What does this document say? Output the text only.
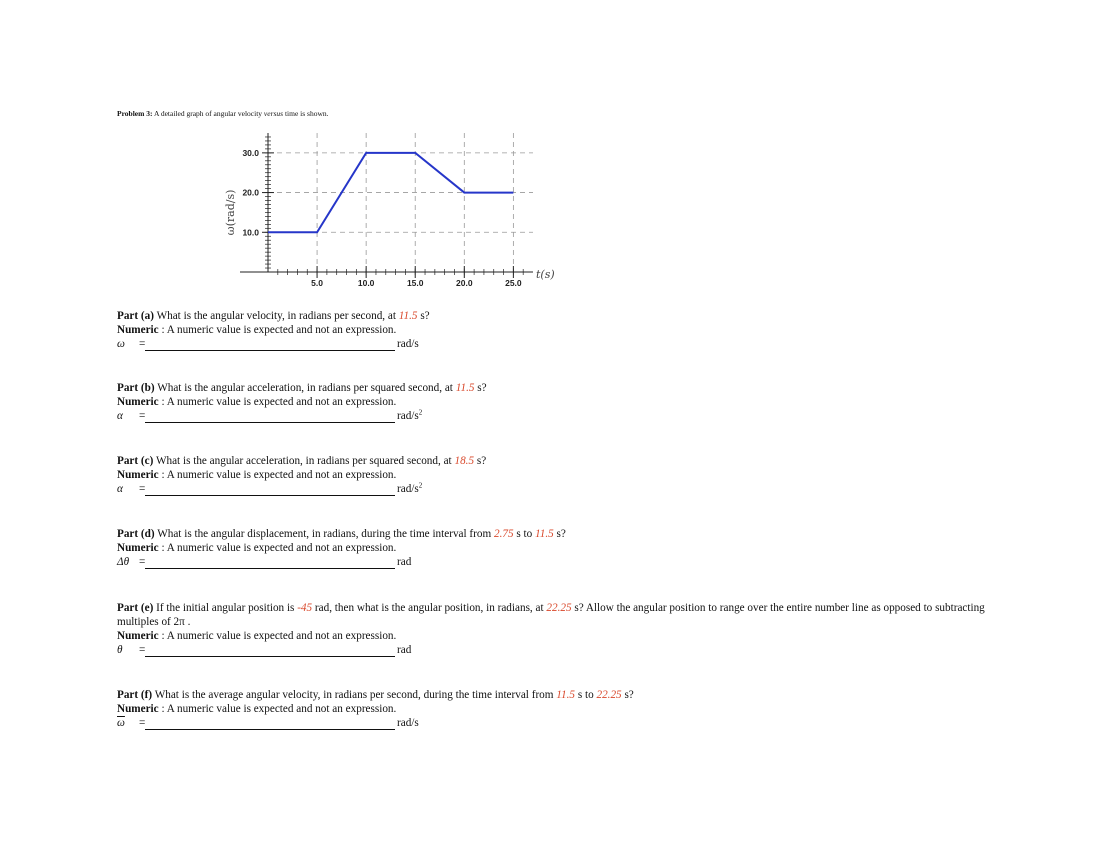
Problem 3: A detailed graph of angular velocity versus time is shown.
5.0	10.0	15.0	20.0	25.0
10.0
20.0
30.0
t(s)
ω(rad/s)
Part (a) What is the angular velocity, in radians per second, at 11.5 s?
Numeric : A numeric value is expected and not an expression.
ω =	rad/s
Part (b) What is the angular acceleration, in radians per squared second, at 11.5 s?
Numeric : A numeric value is expected and not an expression.
α =	rad/$s^2$
Part (c) What is the angular acceleration, in radians per squared second, at 18.5 s?
Numeric : A numeric value is expected and not an expression.
α =	rad/$s^2$
Part (d) What is the angular displacement, in radians, during the time interval from 2.75 s to 11.5 s?
Numeric : A numeric value is expected and not an expression.
Δθ =	rad
Part (e) If the initial angular position is -45 rad, then what is the angular position, in radians, at 22.25 s? Allow the angular position to range over the entire number line as opposed to subtracting multiples of 2π .
Numeric : A numeric value is expected and not an expression.
θ =	rad
Part (f) What is the average angular velocity, in radians per second, during the time interval from 11.5 s to 22.25 s?
Numeric : A numeric value is expected and not an expression.
$\overline{\omega}$ =	rad/s
